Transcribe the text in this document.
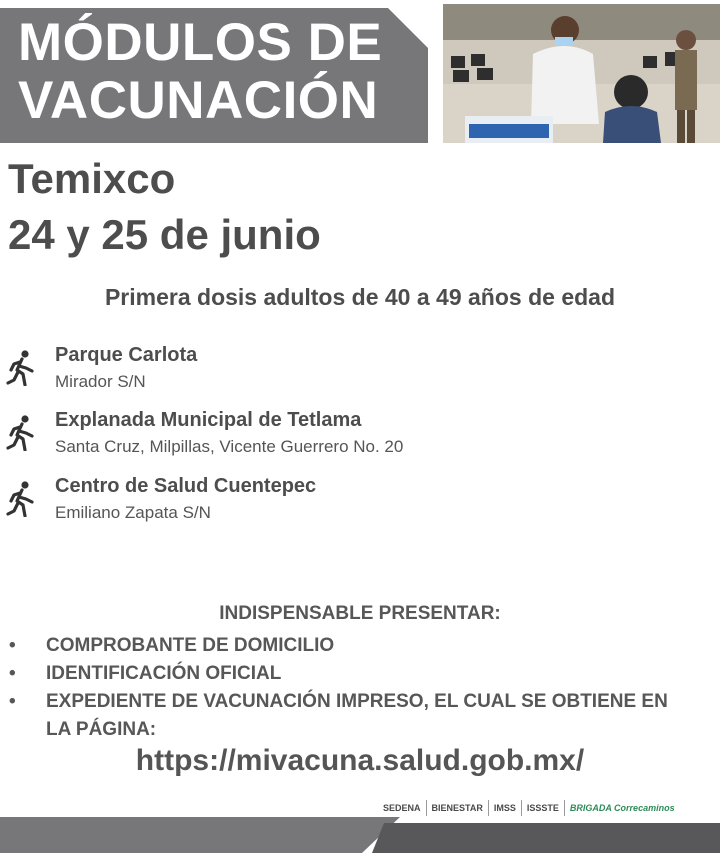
MÓDULOS DE
VACUNACIÓN
Temixco
24 y 25 de junio
Primera dosis adultos de 40 a 49 años de edad
Parque Carlota
Mirador S/N
Explanada Municipal de Tetlama
Santa Cruz, Milpillas, Vicente Guerrero No. 20
Centro de Salud Cuentepec
Emiliano Zapata S/N
INDISPENSABLE PRESENTAR:
• COMPROBANTE DE DOMICILIO
• IDENTIFICACIÓN OFICIAL
• EXPEDIENTE DE VACUNACIÓN IMPRESO, EL CUAL SE OBTIENE EN LA PÁGINA:
https://mivacuna.salud.gob.mx/
SEDENA BIENESTAR IMSS ISSSTE BRIGADA Correcaminos
